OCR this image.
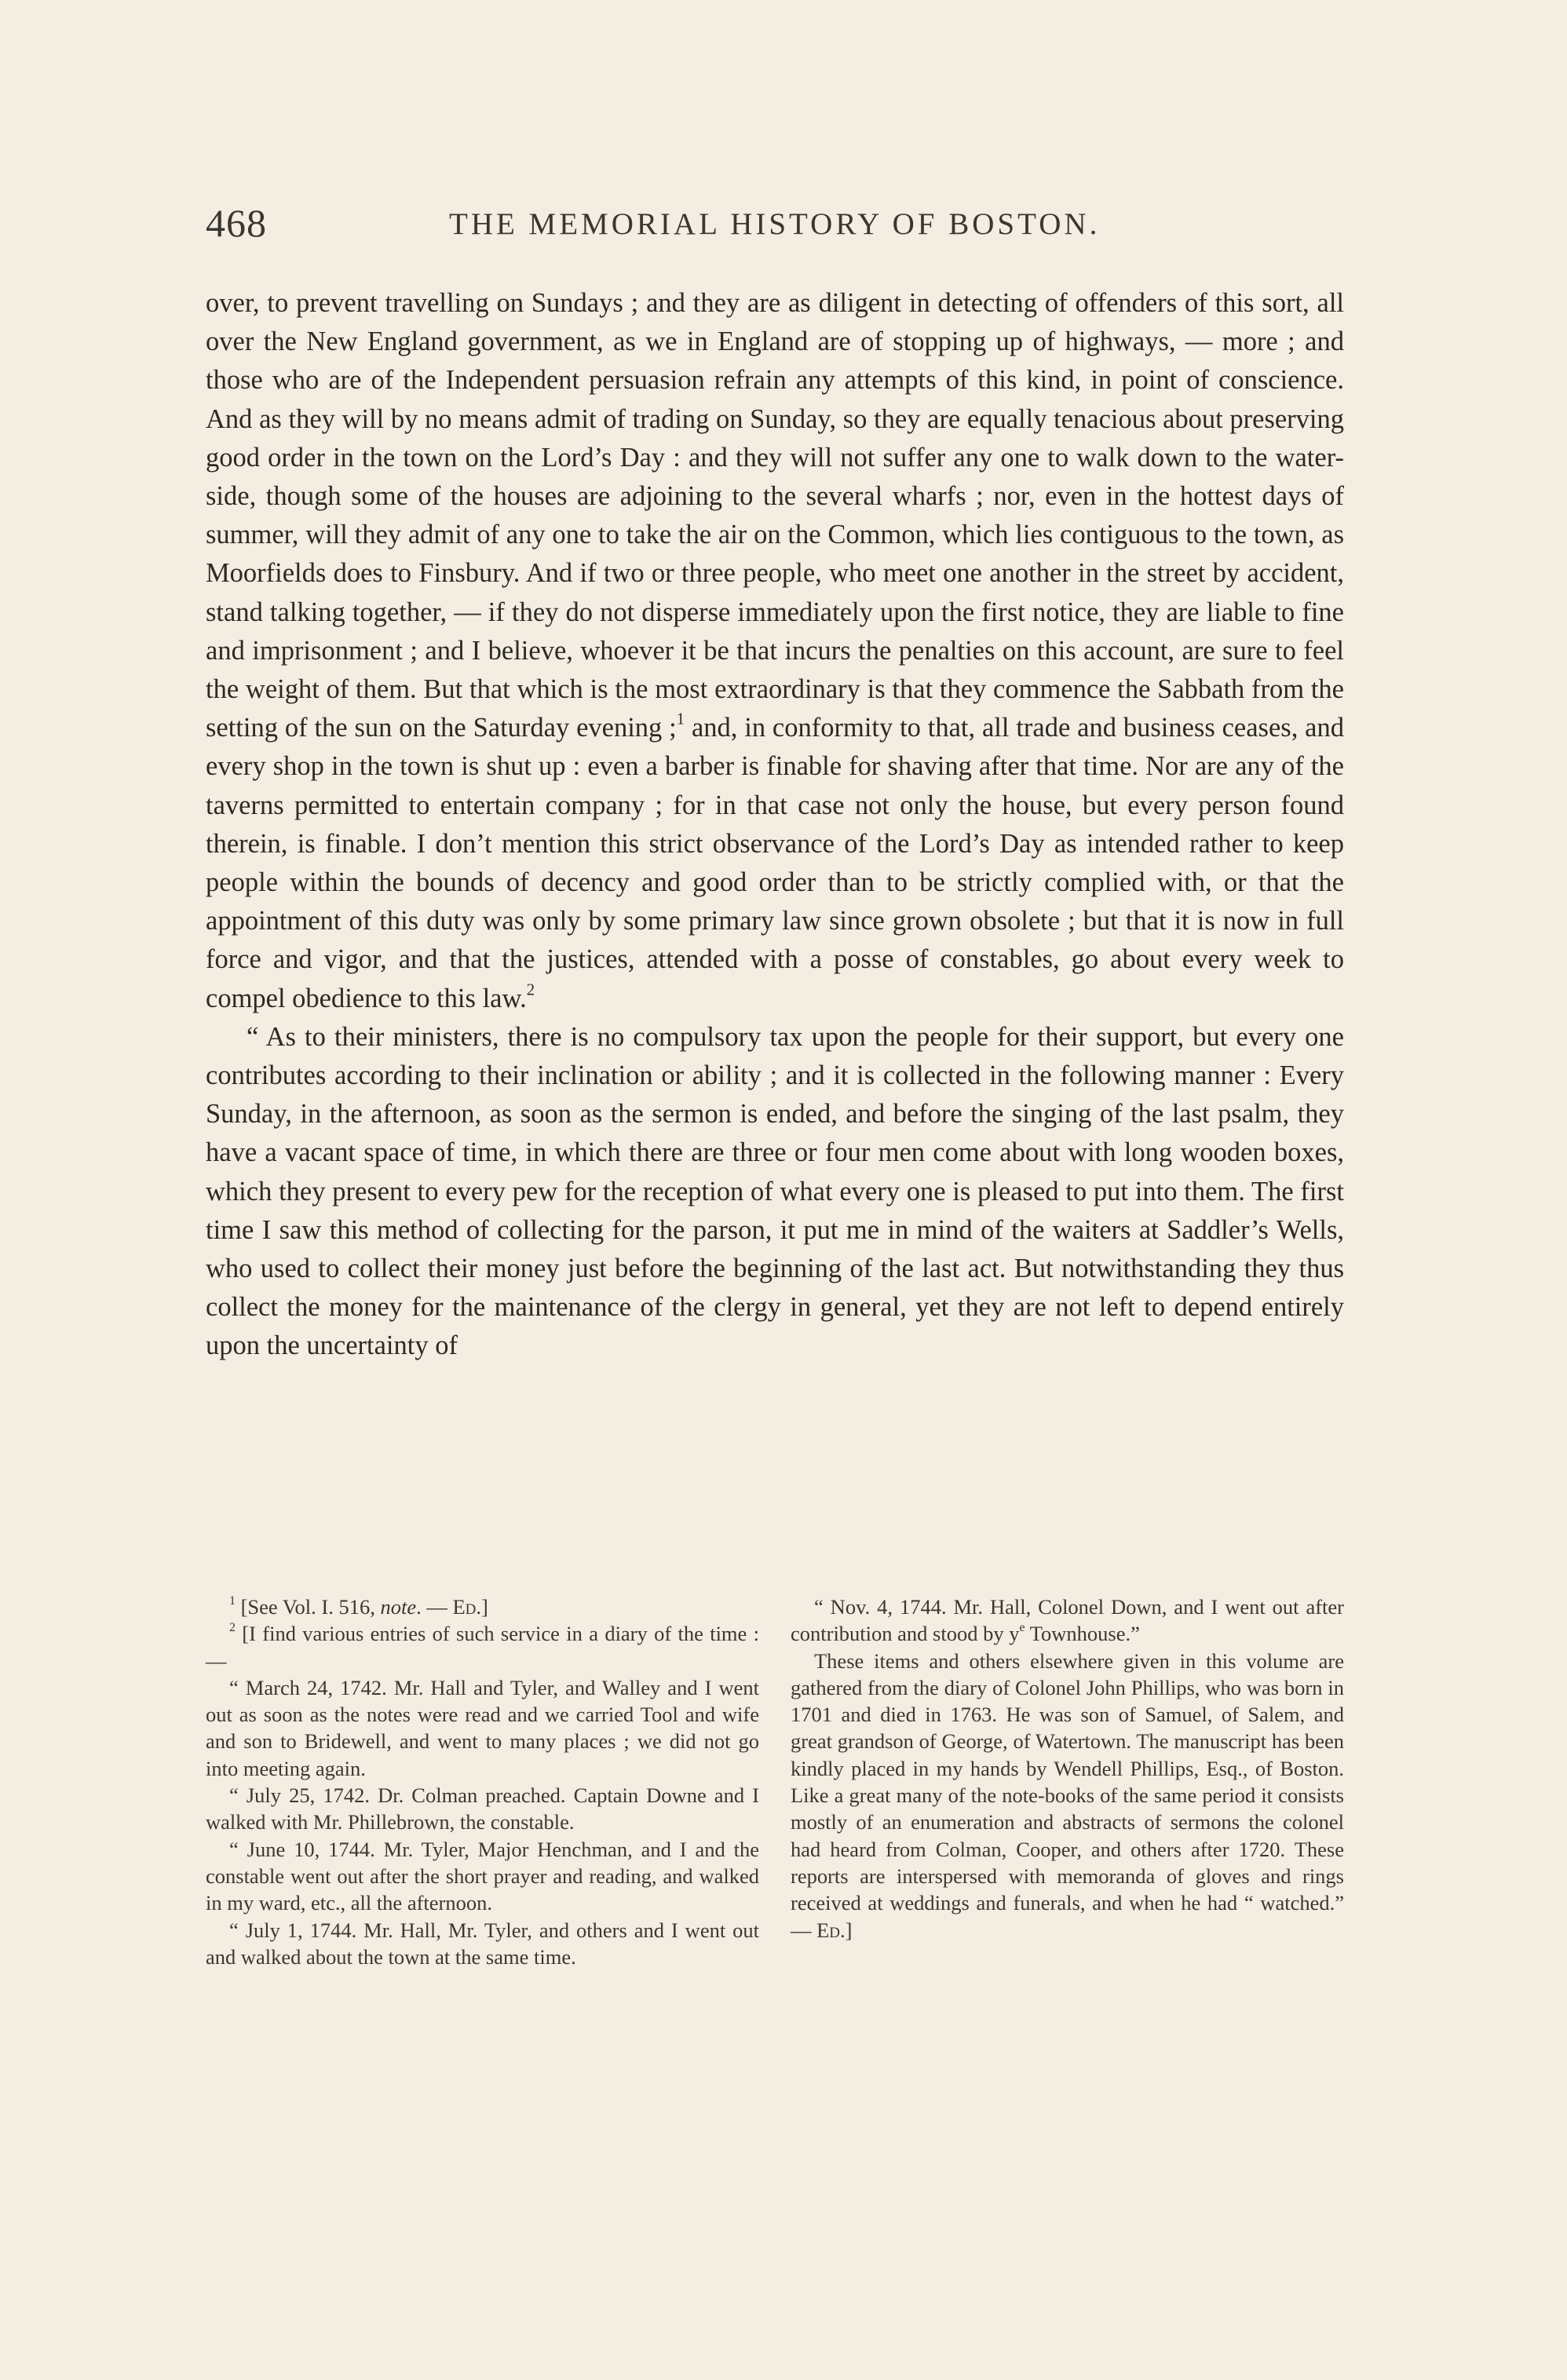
468	THE MEMORIAL HISTORY OF BOSTON.

over, to prevent travelling on Sundays ; and they are as diligent in detecting of offenders of this sort, all over the New England government, as we in England are of stopping up of highways, — more ; and those who are of the Independent persuasion refrain any attempts of this kind, in point of conscience. And as they will by no means admit of trading on Sunday, so they are equally tenacious about preserving good order in the town on the Lord’s Day : and they will not suffer any one to walk down to the water-side, though some of the houses are adjoining to the several wharfs ; nor, even in the hottest days of summer, will they admit of any one to take the air on the Common, which lies contiguous to the town, as Moorfields does to Finsbury. And if two or three people, who meet one another in the street by accident, stand talking together, — if they do not disperse immediately upon the first notice, they are liable to fine and imprisonment ; and I believe, whoever it be that incurs the penalties on this account, are sure to feel the weight of them. But that which is the most extraordinary is that they commence the Sabbath from the setting of the sun on the Saturday evening ;$^1$ and, in conformity to that, all trade and business ceases, and every shop in the town is shut up : even a barber is finable for shaving after that time. Nor are any of the taverns permitted to entertain company ; for in that case not only the house, but every person found therein, is finable. I don’t mention this strict observance of the Lord’s Day as intended rather to keep people within the bounds of decency and good order than to be strictly complied with, or that the appointment of this duty was only by some primary law since grown obsolete ; but that it is now in full force and vigor, and that the justices, attended with a posse of constables, go about every week to compel obedience to this law.$^2$

“ As to their ministers, there is no compulsory tax upon the people for their support, but every one contributes according to their inclination or ability ; and it is collected in the following manner : Every Sunday, in the afternoon, as soon as the sermon is ended, and before the singing of the last psalm, they have a vacant space of time, in which there are three or four men come about with long wooden boxes, which they present to every pew for the reception of what every one is pleased to put into them. The first time I saw this method of collecting for the parson, it put me in mind of the waiters at Saddler’s Wells, who used to collect their money just before the beginning of the last act. But notwithstanding they thus collect the money for the maintenance of the clergy in general, yet they are not left to depend entirely upon the uncertainty of

$^1$ [See Vol. I. 516, note. — Ed.]

$^2$ [I find various entries of such service in a diary of the time : —

“ March 24, 1742. Mr. Hall and Tyler, and Walley and I went out as soon as the notes were read and we carried Tool and wife and son to Bridewell, and went to many places ; we did not go into meeting again.

“ July 25, 1742. Dr. Colman preached. Captain Downe and I walked with Mr. Phillebrown, the constable.

“ June 10, 1744. Mr. Tyler, Major Henchman, and I and the constable went out after the short prayer and reading, and walked in my ward, etc., all the afternoon.

“ July 1, 1744. Mr. Hall, Mr. Tyler, and others and I went out and walked about the town at the same time.

“ Nov. 4, 1744. Mr. Hall, Colonel Down, and I went out after contribution and stood by $y^e$ Townhouse.”

These items and others elsewhere given in this volume are gathered from the diary of Colonel John Phillips, who was born in 1701 and died in 1763. He was son of Samuel, of Salem, and great grandson of George, of Watertown. The manuscript has been kindly placed in my hands by Wendell Phillips, Esq., of Boston. Like a great many of the note-books of the same period it consists mostly of an enumeration and abstracts of sermons the colonel had heard from Colman, Cooper, and others after 1720. These reports are interspersed with memoranda of gloves and rings received at weddings and funerals, and when he had “ watched.” — Ed.]
